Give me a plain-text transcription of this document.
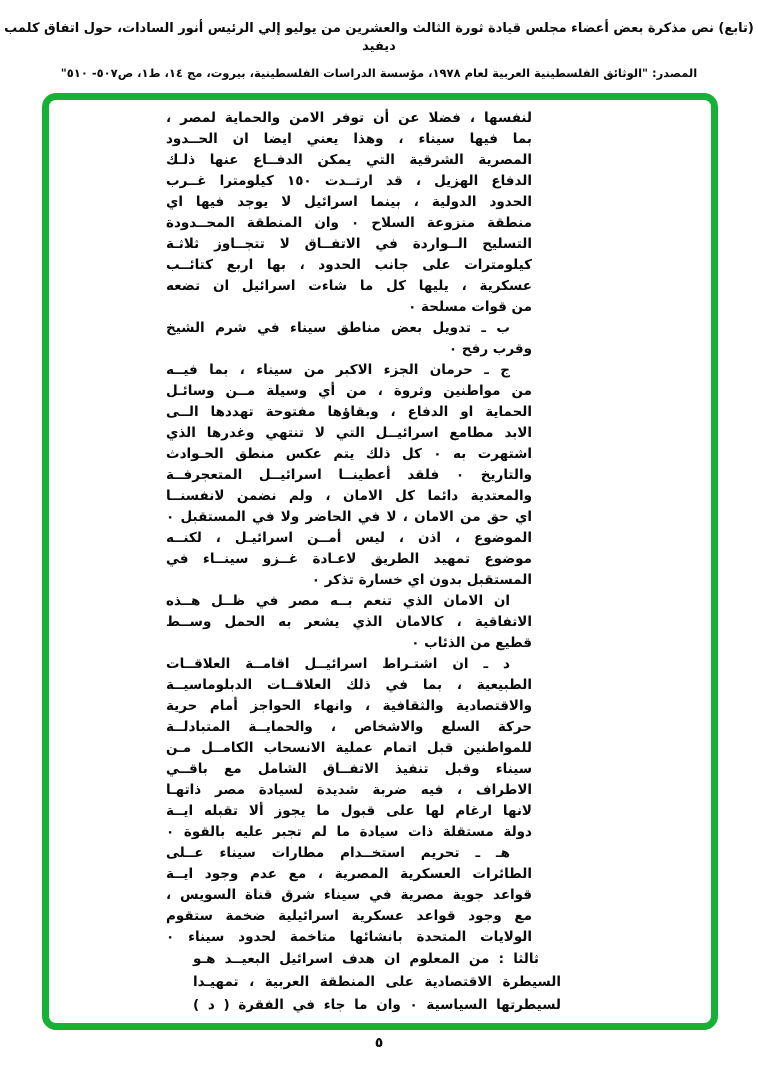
(تابع) نص مذكرة بعض أعضاء مجلس قيادة ثورة الثالث والعشرين من يوليو إلي الرئيس أنور السادات، حول اتفاق كلمب ديفيد
المصدر: "الوثائق الفلسطينية العربية لعام ١٩٧٨، مؤسسة الدراسات الفلسطينية، بيروت، مج ١٤، ط١، ص٥٠٧- ٥١٠"
لنفسها ، فضلا عن أن توفر الامن والحماية لمصر ،
بما فيها سيناء ، وهذا يعني ايضا ان الحــدود
المصرية الشرقية التي يمكن الدفــاع عنها ذلـك
الدفاع الهزيل ، قد ارتــدت ١٥٠ كيلومترا غــرب
الحدود الدولية ، بينما اسرائيل لا يوجد فيها اي
منطقة منزوعة السلاح ٠ وان المنطقة المحــدودة
التسليح الــواردة في الاتفــاق لا تتجــاوز ثلاثـة
كيلومترات على جانب الحدود ، بها اربع كتائــب
عسكرية ، يليها كل ما شاءت اسرائيل ان تضعه
من قوات مسلحة ٠
ب ـ تدويل بعض مناطق سيناء في شرم الشيخ
وقرب رفح ٠
ج ـ حرمان الجزء الاكبر من سيناء ، بما فيــه
من مواطنين وثروة ، من أي وسيلة مــن وسائـل
الحماية او الدفاع ، وبقاؤها مفتوحة تهددها الــى
الابد مطامع اسرائيــل التي لا تنتهي وغدرها الذي
اشتهرت به ٠ كل ذلك يتم عكس منطق الحـوادث
والتاريخ ٠ فلقد أعطينــا اسرائيــل المتعجرفــة
والمعتدية دائما كل الامان ، ولم نضمن لانفسنــا
اي حق من الامان ، لا في الحاضر ولا في المستقبل ٠
الموضوع ، اذن ، ليس أمــن اسرائيـل ، لكنــه
موضوع تمهيد الطريق لاعـادة غــزو سينــاء في
المستقبل بدون اي خسارة تذكر ٠
ان الامان الذي تنعم بــه مصر في ظــل هــذه
الاتفاقية ، كالامان الذي يشعر به الحمل وســط
قطيع من الذئاب ٠
د ـ ان اشتـراط اسرائيــل اقامــة العلاقــات
الطبيعية ، بما في ذلك العلاقــات الدبلوماسيــة
والاقتصادية والثقافية ، وانهاء الحواجز أمام حرية
حركة السلع والاشخاص ، والحمايــة المتبادلــة
للمواطنين قبل اتمام عملية الانسحاب الكامــل مـن
سيناء وقبل تنفيذ الاتفــاق الشامل مع باقــي
الاطراف ، فيه ضربة شديدة لسيادة مصر ذاتهـا
لانها ارغام لها على قبول ما يجوز ألا تقبله ايــة
دولة مستقلة ذات سيادة ما لم تجبر عليه بالقوة ٠
هـ ـ تحريم استخــدام مطارات سيناء عــلى
الطائرات العسكرية المصرية ، مع عدم وجود ايــة
قواعد جوية مصرية في سيناء شرق قناة السويس ،
مع وجود قواعد عسكرية اسرائيلية ضخمة ستقوم
الولايات المتحدة بانشائها متاخمة لحدود سيناء ٠
ثالثا : من المعلوم ان هدف اسرائيل البعيــد هـو
السيطرة الاقتصادية على المنطقة العربية ، تمهيـدا
لسيطرتها السياسية ٠ وان ما جاء في الفقرة ( د )
٥
